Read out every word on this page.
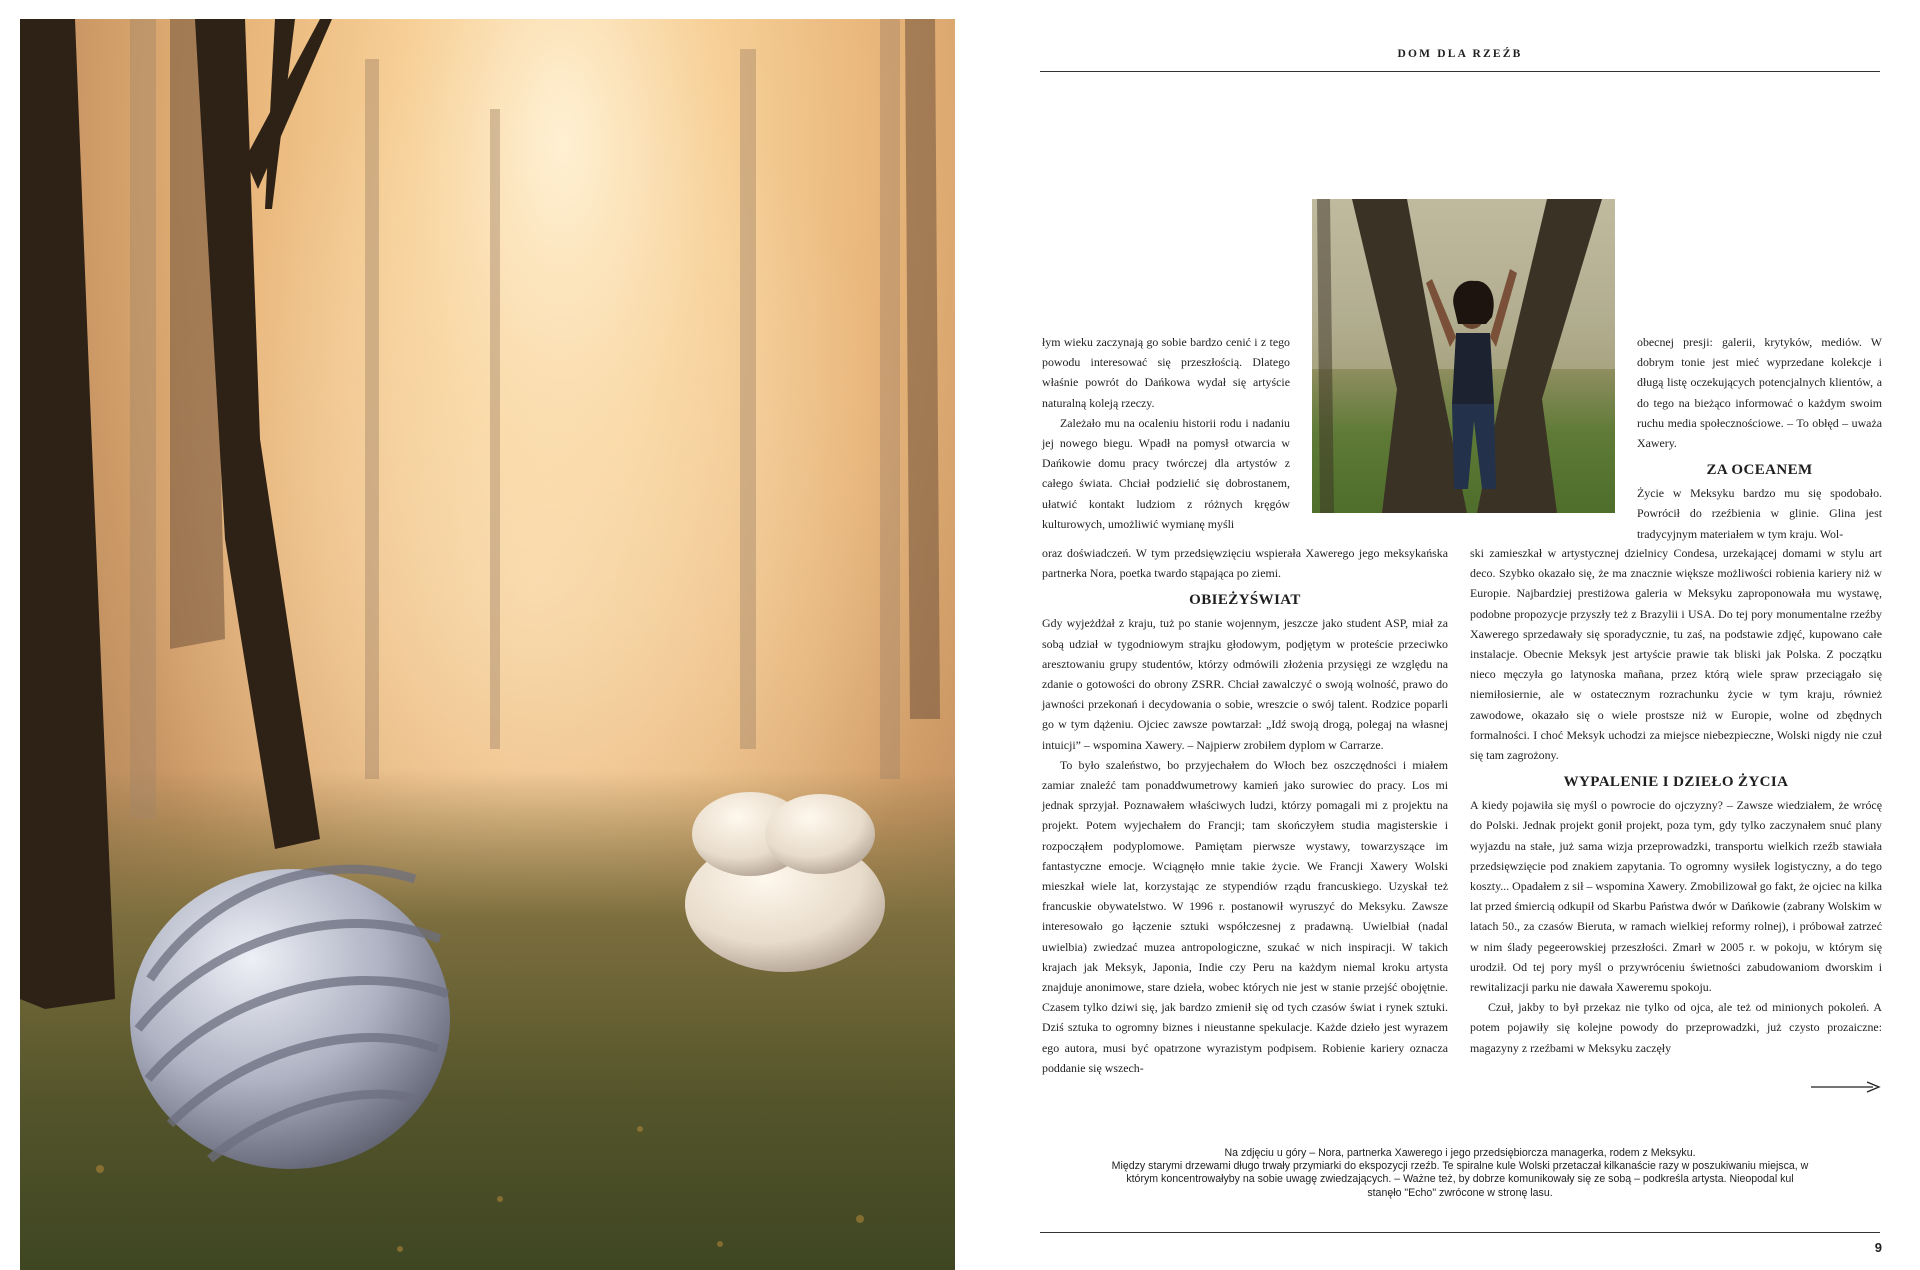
DOM DLA RZEŹB

łym wieku zaczynają go sobie bardzo cenić i z tego powodu interesować się przeszłością. Dlatego właśnie powrót do Dańkowa wydał się artyście naturalną koleją rzeczy.

Zależało mu na ocaleniu historii rodu i nadaniu jej nowego biegu. Wpadł na pomysł otwarcia w Dańkowie domu pracy twórczej dla artystów z całego świata. Chciał podzielić się dobrostanem, ułatwić kontakt ludziom z różnych kręgów kulturowych, umożliwić wymianę myśli

oraz doświadczeń. W tym przedsięwzięciu wspierała Xawerego jego meksykańska partnerka Nora, poetka twardo stąpająca po ziemi.

OBIEŻYŚWIAT

Gdy wyjeżdżał z kraju, tuż po stanie wojennym, jeszcze jako student ASP, miał za sobą udział w tygodniowym strajku głodowym, podjętym w proteście przeciwko aresztowaniu grupy studentów, którzy odmówili złożenia przysięgi ze względu na zdanie o gotowości do obrony ZSRR. Chciał zawalczyć o swoją wolność, prawo do jawności przekonań i decydowania o sobie, wreszcie o swój talent. Rodzice poparli go w tym dążeniu. Ojciec zawsze powtarzał: „Idź swoją drogą, polegaj na własnej intuicji” – wspomina Xawery. – Najpierw zrobiłem dyplom w Carrarze.

To było szaleństwo, bo przyjechałem do Włoch bez oszczędności i miałem zamiar znaleźć tam ponaddwumetrowy kamień jako surowiec do pracy. Los mi jednak sprzyjał. Poznawałem właściwych ludzi, którzy pomagali mi z projektu na projekt. Potem wyjechałem do Francji; tam skończyłem studia magisterskie i rozpocząłem podyplomowe. Pamiętam pierwsze wystawy, towarzyszące im fantastyczne emocje. Wciągnęło mnie takie życie. We Francji Xawery Wolski mieszkał wiele lat, korzystając ze stypendiów rządu francuskiego. Uzyskał też francuskie obywatelstwo. W 1996 r. postanowił wyruszyć do Meksyku. Zawsze interesowało go łączenie sztuki współczesnej z pradawną. Uwielbiał (nadal uwielbia) zwiedzać muzea antropologiczne, szukać w nich inspiracji. W takich krajach jak Meksyk, Japonia, Indie czy Peru na każdym niemal kroku artysta znajduje anonimowe, stare dzieła, wobec których nie jest w stanie przejść obojętnie. Czasem tylko dziwi się, jak bardzo zmienił się od tych czasów świat i rynek sztuki. Dziś sztuka to ogromny biznes i nieustanne spekulacje. Każde dzieło jest wyrazem ego autora, musi być opatrzone wyrazistym podpisem. Robienie kariery oznacza poddanie się wszech-

obecnej presji: galerii, krytyków, mediów. W dobrym tonie jest mieć wyprzedane kolekcje i długą listę oczekujących potencjalnych klientów, a do tego na bieżąco informować o każdym swoim ruchu media społecznościowe. – To obłęd – uważa Xawery.

ZA OCEANEM

Życie w Meksyku bardzo mu się spodobało. Powrócił do rzeźbienia w glinie. Glina jest tradycyjnym materiałem w tym kraju. Wol-

ski zamieszkał w artystycznej dzielnicy Condesa, urzekającej domami w stylu art deco. Szybko okazało się, że ma znacznie większe możliwości robienia kariery niż w Europie. Najbardziej prestiżowa galeria w Meksyku zaproponowała mu wystawę, podobne propozycje przyszły też z Brazylii i USA. Do tej pory monumentalne rzeźby Xawerego sprzedawały się sporadycznie, tu zaś, na podstawie zdjęć, kupowano całe instalacje. Obecnie Meksyk jest artyście prawie tak bliski jak Polska. Z początku nieco męczyła go latynoska mañana, przez którą wiele spraw przeciągało się niemiłosiernie, ale w ostatecznym rozrachunku życie w tym kraju, również zawodowe, okazało się o wiele prostsze niż w Europie, wolne od zbędnych formalności. I choć Meksyk uchodzi za miejsce niebezpieczne, Wolski nigdy nie czuł się tam zagrożony.

WYPALENIE I DZIEŁO ŻYCIA

A kiedy pojawiła się myśl o powrocie do ojczyzny? – Zawsze wiedziałem, że wrócę do Polski. Jednak projekt gonił projekt, poza tym, gdy tylko zaczynałem snuć plany wyjazdu na stałe, już sama wizja przeprowadzki, transportu wielkich rzeźb stawiała przedsięwzięcie pod znakiem zapytania. To ogromny wysiłek logistyczny, a do tego koszty... Opadałem z sił – wspomina Xawery. Zmobilizował go fakt, że ojciec na kilka lat przed śmiercią odkupił od Skarbu Państwa dwór w Dańkowie (zabrany Wolskim w latach 50., za czasów Bieruta, w ramach wielkiej reformy rolnej), i próbował zatrzeć w nim ślady pegeerowskiej przeszłości. Zmarł w 2005 r. w pokoju, w którym się urodził. Od tej pory myśl o przywróceniu świetności zabudowaniom dworskim i rewitalizacji parku nie dawała Xaweremu spokoju.

Czuł, jakby to był przekaz nie tylko od ojca, ale też od minionych pokoleń. A potem pojawiły się kolejne powody do przeprowadzki, już czysto prozaiczne: magazyny z rzeźbami w Meksyku zaczęły

Na zdjęciu u góry – Nora, partnerka Xawerego i jego przedsiębiorcza managerka, rodem z Meksyku.
Między starymi drzewami długo trwały przymiarki do ekspozycji rzeźb. Te spiralne kule Wolski przetaczał kilkanaście razy w poszukiwaniu miejsca, w którym koncentrowałyby na sobie uwagę zwiedzających. – Ważne też, by dobrze komunikowały się ze sobą – podkreśla artysta. Nieopodal kul stanęło "Echo" zwrócone w stronę lasu.
9
